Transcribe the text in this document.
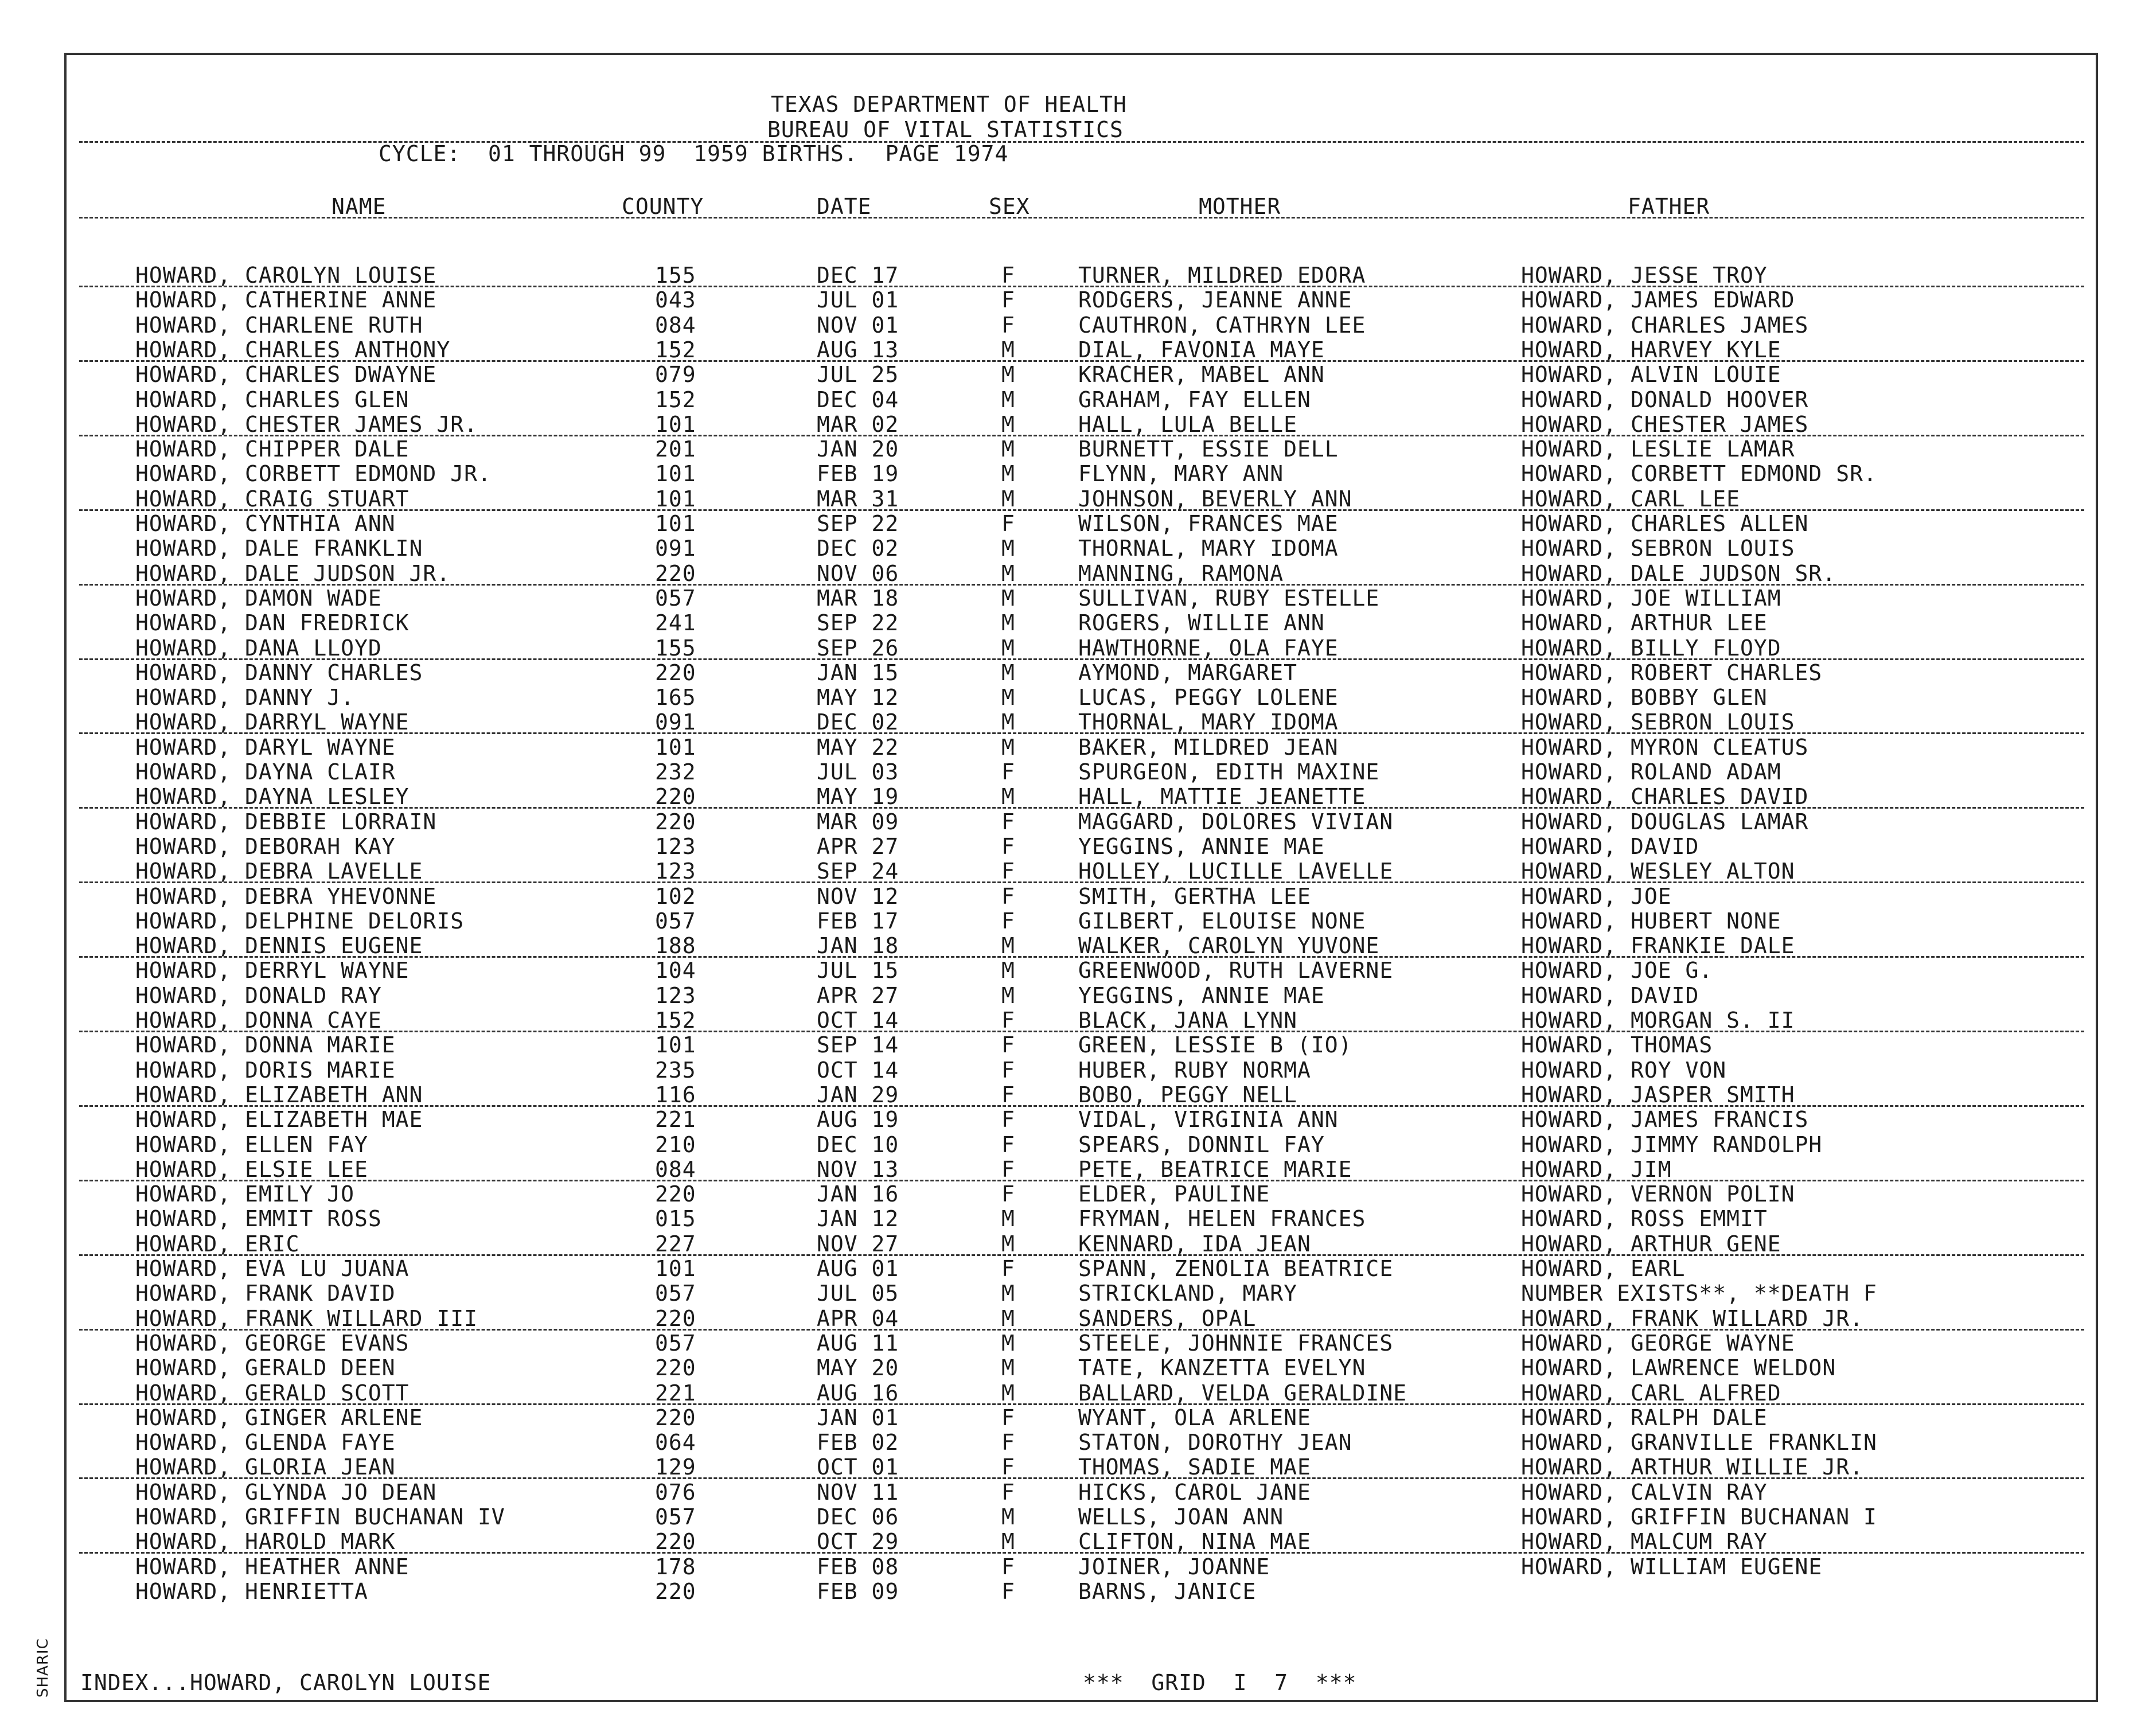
TEXAS DEPARTMENT OF HEALTH
BUREAU OF VITAL STATISTICS
CYCLE:  01 THROUGH 99  1959 BIRTHS.  PAGE 1974
NAME	COUNTY	DATE	SEX	MOTHER	FATHER
HOWARD, CAROLYN LOUISE	155	DEC 17	F	TURNER, MILDRED EDORA	HOWARD, JESSE TROY
HOWARD, CATHERINE ANNE	043	JUL 01	F	RODGERS, JEANNE ANNE	HOWARD, JAMES EDWARD
HOWARD, CHARLENE RUTH	084	NOV 01	F	CAUTHRON, CATHRYN LEE	HOWARD, CHARLES JAMES
HOWARD, CHARLES ANTHONY	152	AUG 13	M	DIAL, FAVONIA MAYE	HOWARD, HARVEY KYLE
HOWARD, CHARLES DWAYNE	079	JUL 25	M	KRACHER, MABEL ANN	HOWARD, ALVIN LOUIE
HOWARD, CHARLES GLEN	152	DEC 04	M	GRAHAM, FAY ELLEN	HOWARD, DONALD HOOVER
HOWARD, CHESTER JAMES JR.	101	MAR 02	M	HALL, LULA BELLE	HOWARD, CHESTER JAMES
HOWARD, CHIPPER DALE	201	JAN 20	M	BURNETT, ESSIE DELL	HOWARD, LESLIE LAMAR
HOWARD, CORBETT EDMOND JR.	101	FEB 19	M	FLYNN, MARY ANN	HOWARD, CORBETT EDMOND SR.
HOWARD, CRAIG STUART	101	MAR 31	M	JOHNSON, BEVERLY ANN	HOWARD, CARL LEE
HOWARD, CYNTHIA ANN	101	SEP 22	F	WILSON, FRANCES MAE	HOWARD, CHARLES ALLEN
HOWARD, DALE FRANKLIN	091	DEC 02	M	THORNAL, MARY IDOMA	HOWARD, SEBRON LOUIS
HOWARD, DALE JUDSON JR.	220	NOV 06	M	MANNING, RAMONA	HOWARD, DALE JUDSON SR.
HOWARD, DAMON WADE	057	MAR 18	M	SULLIVAN, RUBY ESTELLE	HOWARD, JOE WILLIAM
HOWARD, DAN FREDRICK	241	SEP 22	M	ROGERS, WILLIE ANN	HOWARD, ARTHUR LEE
HOWARD, DANA LLOYD	155	SEP 26	M	HAWTHORNE, OLA FAYE	HOWARD, BILLY FLOYD
HOWARD, DANNY CHARLES	220	JAN 15	M	AYMOND, MARGARET	HOWARD, ROBERT CHARLES
HOWARD, DANNY J.	165	MAY 12	M	LUCAS, PEGGY LOLENE	HOWARD, BOBBY GLEN
HOWARD, DARRYL WAYNE	091	DEC 02	M	THORNAL, MARY IDOMA	HOWARD, SEBRON LOUIS
HOWARD, DARYL WAYNE	101	MAY 22	M	BAKER, MILDRED JEAN	HOWARD, MYRON CLEATUS
HOWARD, DAYNA CLAIR	232	JUL 03	F	SPURGEON, EDITH MAXINE	HOWARD, ROLAND ADAM
HOWARD, DAYNA LESLEY	220	MAY 19	M	HALL, MATTIE JEANETTE	HOWARD, CHARLES DAVID
HOWARD, DEBBIE LORRAIN	220	MAR 09	F	MAGGARD, DOLORES VIVIAN	HOWARD, DOUGLAS LAMAR
HOWARD, DEBORAH KAY	123	APR 27	F	YEGGINS, ANNIE MAE	HOWARD, DAVID
HOWARD, DEBRA LAVELLE	123	SEP 24	F	HOLLEY, LUCILLE LAVELLE	HOWARD, WESLEY ALTON
HOWARD, DEBRA YHEVONNE	102	NOV 12	F	SMITH, GERTHA LEE	HOWARD, JOE
HOWARD, DELPHINE DELORIS	057	FEB 17	F	GILBERT, ELOUISE NONE	HOWARD, HUBERT NONE
HOWARD, DENNIS EUGENE	188	JAN 18	M	WALKER, CAROLYN YUVONE	HOWARD, FRANKIE DALE
HOWARD, DERRYL WAYNE	104	JUL 15	M	GREENWOOD, RUTH LAVERNE	HOWARD, JOE G.
HOWARD, DONALD RAY	123	APR 27	M	YEGGINS, ANNIE MAE	HOWARD, DAVID
HOWARD, DONNA CAYE	152	OCT 14	F	BLACK, JANA LYNN	HOWARD, MORGAN S. II
HOWARD, DONNA MARIE	101	SEP 14	F	GREEN, LESSIE B (IO)	HOWARD, THOMAS
HOWARD, DORIS MARIE	235	OCT 14	F	HUBER, RUBY NORMA	HOWARD, ROY VON
HOWARD, ELIZABETH ANN	116	JAN 29	F	BOBO, PEGGY NELL	HOWARD, JASPER SMITH
HOWARD, ELIZABETH MAE	221	AUG 19	F	VIDAL, VIRGINIA ANN	HOWARD, JAMES FRANCIS
HOWARD, ELLEN FAY	210	DEC 10	F	SPEARS, DONNIL FAY	HOWARD, JIMMY RANDOLPH
HOWARD, ELSIE LEE	084	NOV 13	F	PETE, BEATRICE MARIE	HOWARD, JIM
HOWARD, EMILY JO	220	JAN 16	F	ELDER, PAULINE	HOWARD, VERNON POLIN
HOWARD, EMMIT ROSS	015	JAN 12	M	FRYMAN, HELEN FRANCES	HOWARD, ROSS EMMIT
HOWARD, ERIC	227	NOV 27	M	KENNARD, IDA JEAN	HOWARD, ARTHUR GENE
HOWARD, EVA LU JUANA	101	AUG 01	F	SPANN, ZENOLIA BEATRICE	HOWARD, EARL
HOWARD, FRANK DAVID	057	JUL 05	M	STRICKLAND, MARY	NUMBER EXISTS**, **DEATH F
HOWARD, FRANK WILLARD III	220	APR 04	M	SANDERS, OPAL	HOWARD, FRANK WILLARD JR.
HOWARD, GEORGE EVANS	057	AUG 11	M	STEELE, JOHNNIE FRANCES	HOWARD, GEORGE WAYNE
HOWARD, GERALD DEEN	220	MAY 20	M	TATE, KANZETTA EVELYN	HOWARD, LAWRENCE WELDON
HOWARD, GERALD SCOTT	221	AUG 16	M	BALLARD, VELDA GERALDINE	HOWARD, CARL ALFRED
HOWARD, GINGER ARLENE	220	JAN 01	F	WYANT, OLA ARLENE	HOWARD, RALPH DALE
HOWARD, GLENDA FAYE	064	FEB 02	F	STATON, DOROTHY JEAN	HOWARD, GRANVILLE FRANKLIN
HOWARD, GLORIA JEAN	129	OCT 01	F	THOMAS, SADIE MAE	HOWARD, ARTHUR WILLIE JR.
HOWARD, GLYNDA JO DEAN	076	NOV 11	F	HICKS, CAROL JANE	HOWARD, CALVIN RAY
HOWARD, GRIFFIN BUCHANAN IV	057	DEC 06	M	WELLS, JOAN ANN	HOWARD, GRIFFIN BUCHANAN I
HOWARD, HAROLD MARK	220	OCT 29	M	CLIFTON, NINA MAE	HOWARD, MALCUM RAY
HOWARD, HEATHER ANNE	178	FEB 08	F	JOINER, JOANNE	HOWARD, WILLIAM EUGENE
HOWARD, HENRIETTA	220	FEB 09	F	BARNS, JANICE
INDEX...HOWARD, CAROLYN LOUISE	***  GRID  I  7  ***
SHARIC
